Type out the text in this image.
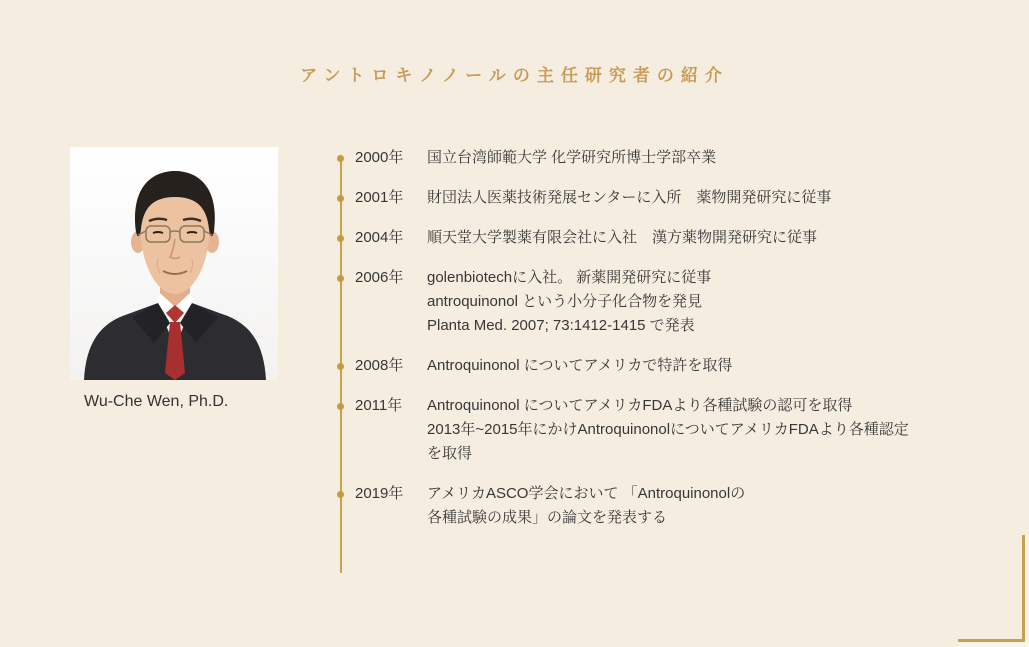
アントロキノノールの主任研究者の紹介
Wu-Che Wen, Ph.D.
2000年 国立台湾師範大学 化学研究所博士学部卒業
2001年 財団法人医薬技術発展センターに入所　薬物開発研究に従事
2004年 順天堂大学製薬有限会社に入社　漢方薬物開発研究に従事
2006年 golenbiotechに入社。 新薬開発研究に従事
antroquinonol という小分子化合物を発見
Planta Med. 2007; 73:1412-1415 で発表
2008年 Antroquinonol についてアメリカで特許を取得
2011年 Antroquinonol についてアメリカFDAより各種試験の認可を取得
2013年~2015年にかけAntroquinonolについてアメリカFDAより各種認定
を取得
2019年 アメリカASCO学会において 「Antroquinonolの
各種試験の成果」の論文を発表する
